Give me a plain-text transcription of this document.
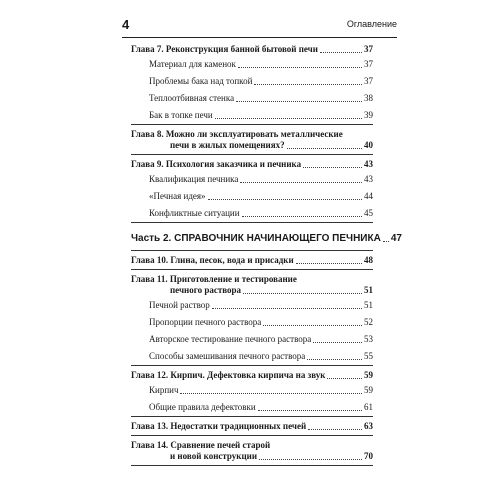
4	Оглавление
Глава 7. Реконструкция банной бытовой печи	37
Материал для каменок	37
Проблемы бака над топкой	37
Теплоотбивная стенка	38
Бак в топке печи	39
Глава 8. Можно ли эксплуатировать металлические
печи в жилых помещениях?	40
Глава 9. Психология заказчика и печника	43
Квалификация печника	43
«Печная идея»	44
Конфликтные ситуации	45
Часть 2. СПРАВОЧНИК НАЧИНАЮЩЕГО ПЕЧНИКА 47
Глава 10. Глина, песок, вода и присадки	48
Глава 11. Приготовление и тестирование
печного раствора	51
Печной раствор	51
Пропорции печного раствора	52
Авторское тестирование печного раствора	53
Способы замешивания печного раствора	55
Глава 12. Кирпич. Дефектовка кирпича на звук	59
Кирпич	59
Общие правила дефектовки	61
Глава 13. Недостатки традиционных печей	63
Глава 14. Сравнение печей старой
и новой конструкции	70
